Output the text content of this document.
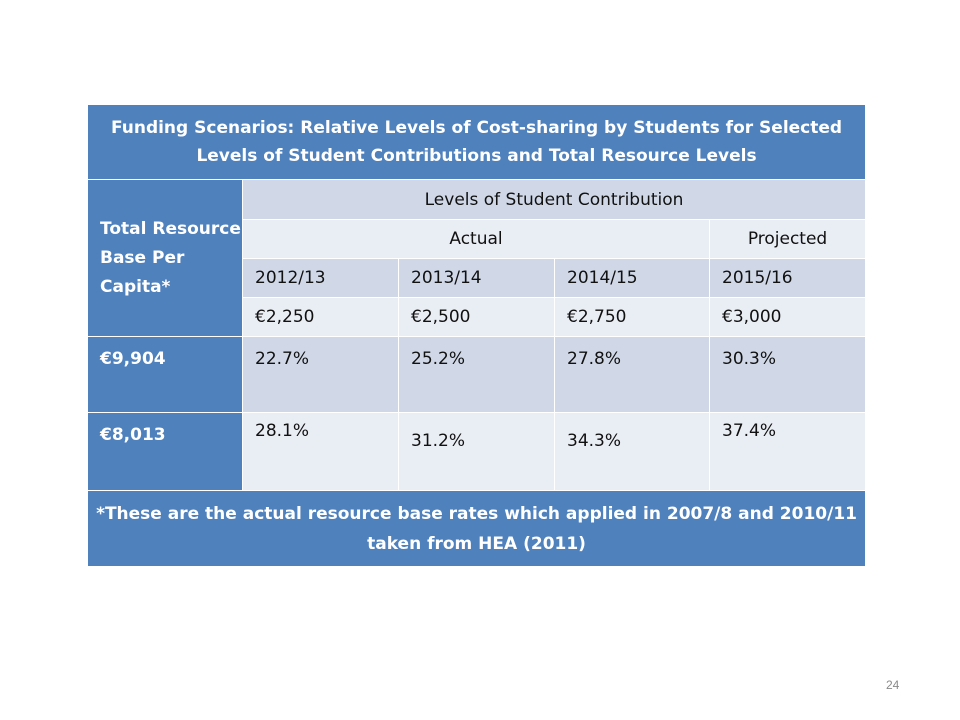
Funding Scenarios: Relative Levels of Cost-sharing by Students for Selected Levels of Student Contributions and Total Resource Levels				
Total Resource Base Per Capita*	Levels of Student Contribution			
	Actual			Projected
	2012/13	2013/14	2014/15	2015/16
	€2,250	€2,500	€2,750	€3,000
€9,904	22.7%	25.2%	27.8%	30.3%
€8,013	28.1%	31.2%	34.3%	37.4%
*These are the actual resource base rates which applied in 2007/8 and 2010/11 taken from HEA (2011)				
24
